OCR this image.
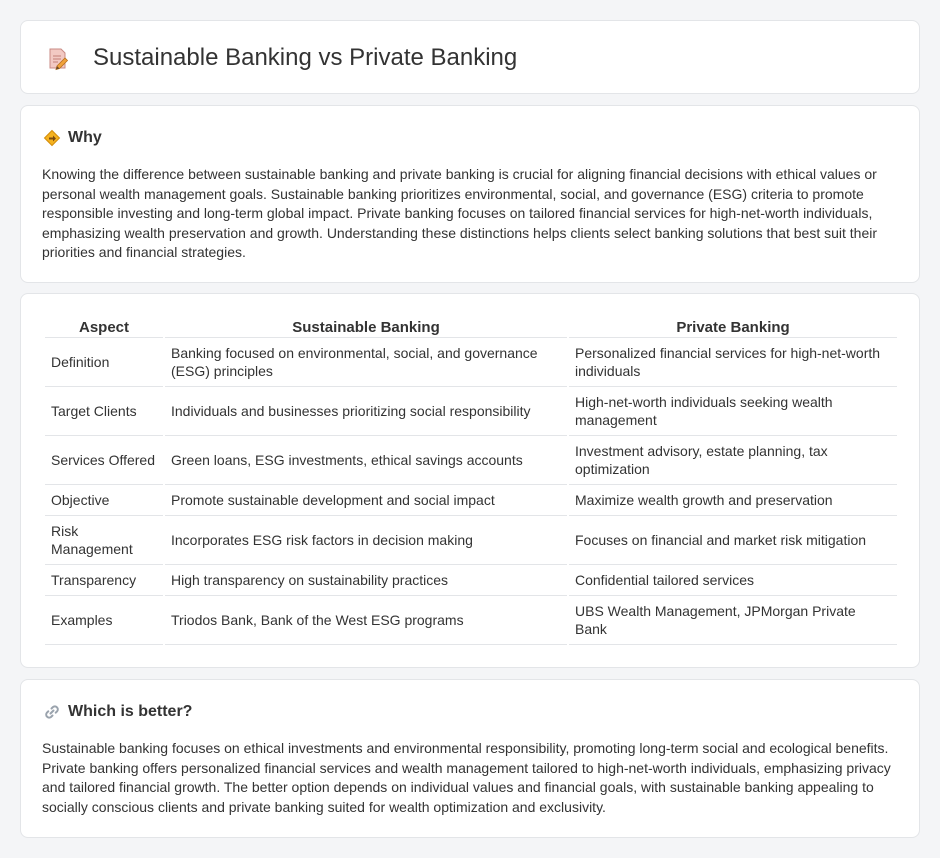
Sustainable Banking vs Private Banking
Why

Knowing the difference between sustainable banking and private banking is crucial for aligning financial decisions with ethical values or personal wealth management goals. Sustainable banking prioritizes environmental, social, and governance (ESG) criteria to promote responsible investing and long-term global impact. Private banking focuses on tailored financial services for high-net-worth individuals, emphasizing wealth preservation and growth. Understanding these distinctions helps clients select banking solutions that best suit their priorities and financial strategies.

Aspect	Sustainable Banking	Private Banking
Definition	Banking focused on environmental, social, and governance (ESG) principles	Personalized financial services for high-net-worth individuals
Target Clients	Individuals and businesses prioritizing social responsibility	High-net-worth individuals seeking wealth management
Services Offered	Green loans, ESG investments, ethical savings accounts	Investment advisory, estate planning, tax optimization
Objective	Promote sustainable development and social impact	Maximize wealth growth and preservation
Risk Management	Incorporates ESG risk factors in decision making	Focuses on financial and market risk mitigation
Transparency	High transparency on sustainability practices	Confidential tailored services
Examples	Triodos Bank, Bank of the West ESG programs	UBS Wealth Management, JPMorgan Private Bank
Which is better?

Sustainable banking focuses on ethical investments and environmental responsibility, promoting long-term social and ecological benefits. Private banking offers personalized financial services and wealth management tailored to high-net-worth individuals, emphasizing privacy and tailored financial growth. The better option depends on individual values and financial goals, with sustainable banking appealing to socially conscious clients and private banking suited for wealth optimization and exclusivity.
